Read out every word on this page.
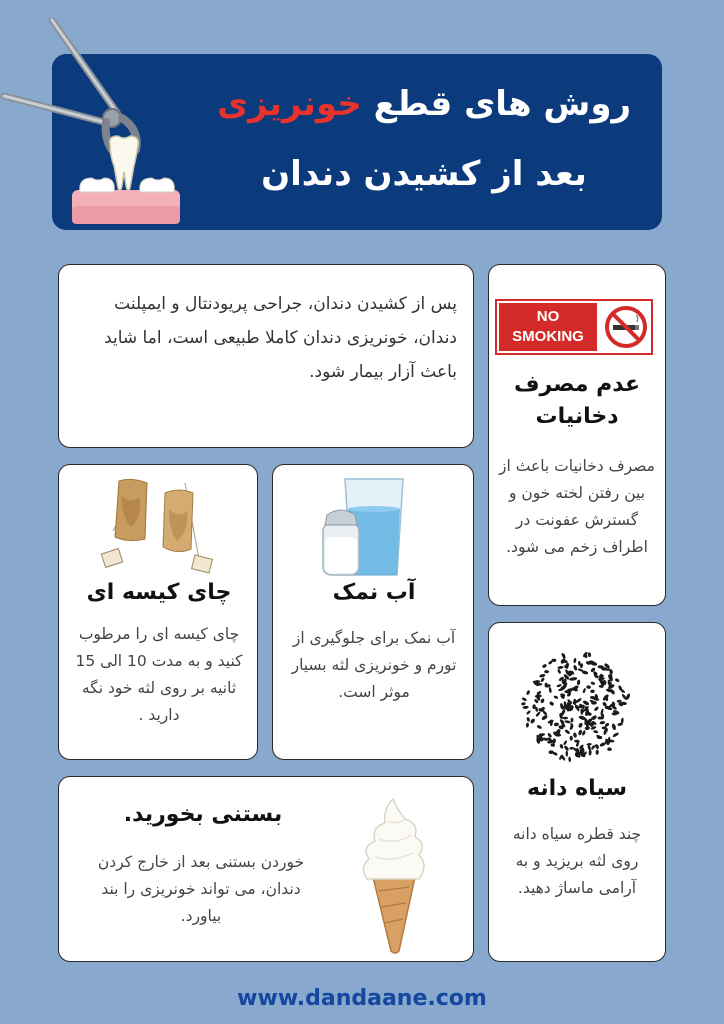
روش های قطع خونریزی
بعد از کشیدن دندان
پس از کشیدن دندان، جراحی پریودنتال و ایمپلنت دندان، خونریزی دندان کاملا طبیعی است، اما شاید باعث آزار بیمار شود.
NO
SMOKING
عدم مصرف دخانیات
مصرف دخانیات باعث از بین رفتن لخته خون و گسترش عفونت در اطراف زخم می شود.
چای کیسه ای
چای کیسه ای را مرطوب کنید و به مدت 10 الی 15 ثانیه بر روی لثه خود نگه دارید .
آب نمک
آب نمک برای جلوگیری از تورم و خونریزی لثه بسیار موثر است.
سیاه دانه
چند قطره سیاه دانه روی لثه بریزید و به آرامی ماساژ دهید.
بستنی بخورید.
خوردن بستنی بعد از خارج کردن دندان، می تواند خونریزی را بند بیاورد.
www.dandaane.com
